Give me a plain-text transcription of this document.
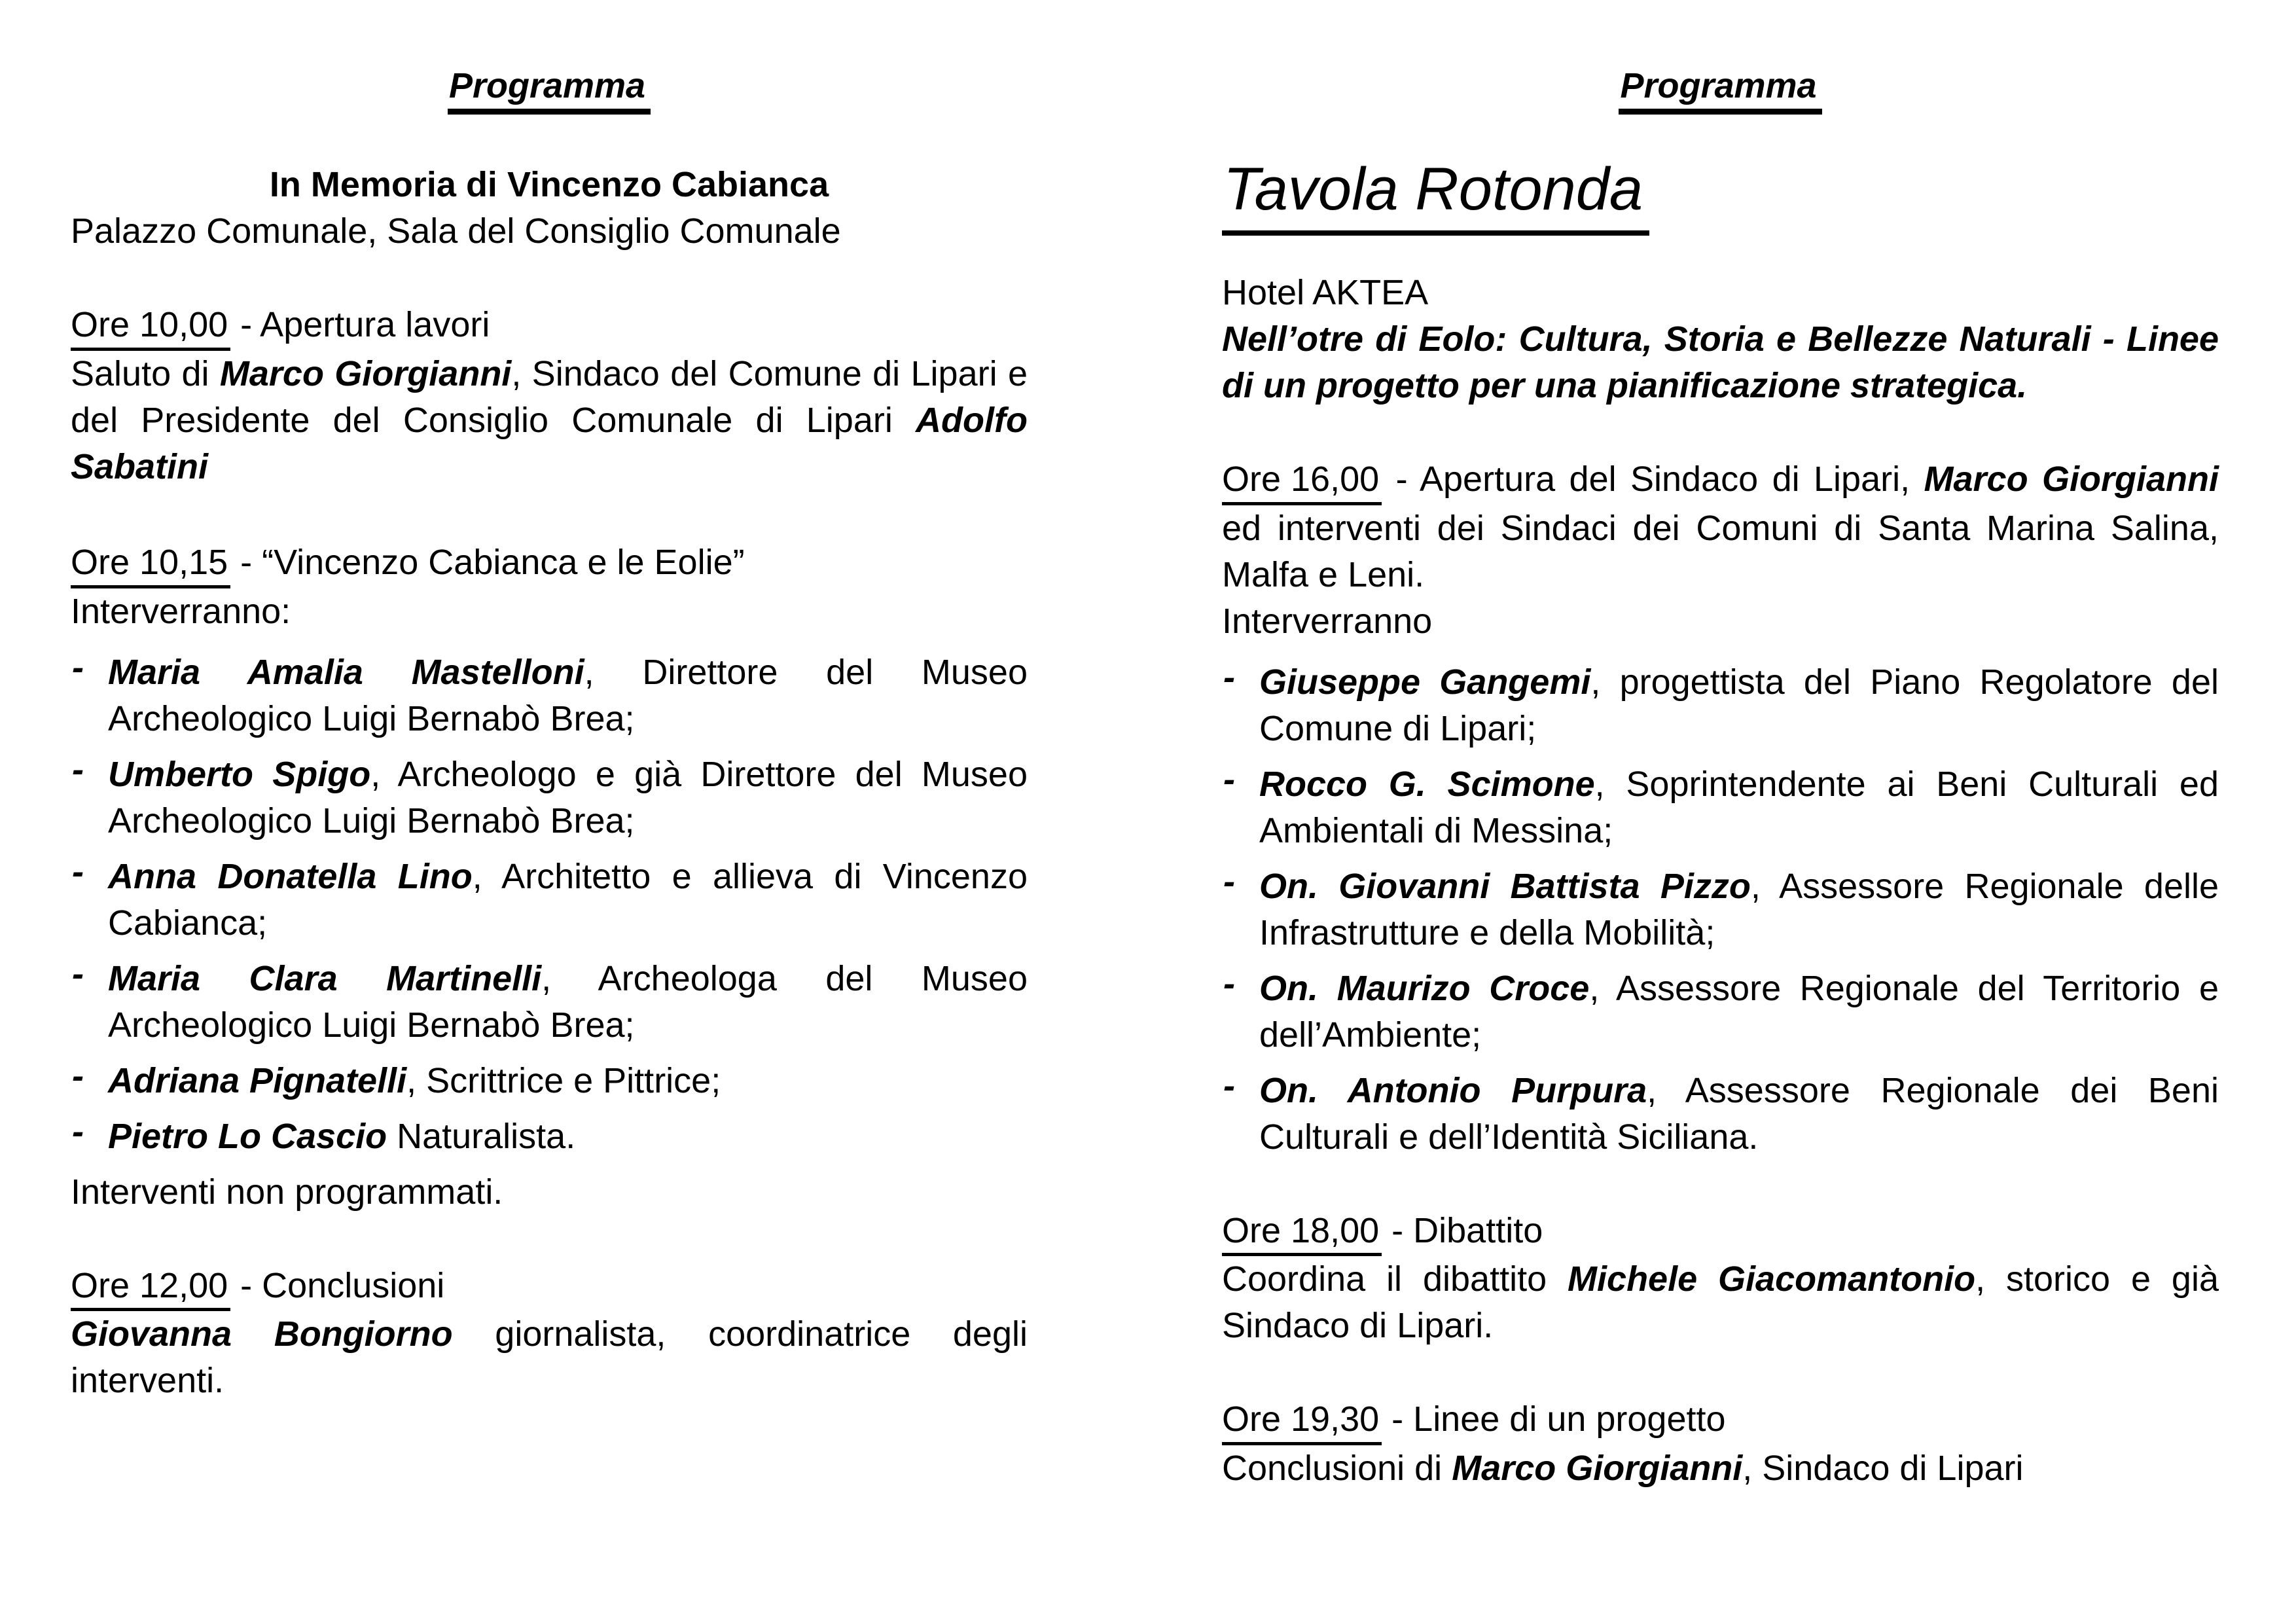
Programma

In Memoria di Vincenzo Cabianca

Palazzo Comunale, Sala del Consiglio Comunale

Ore 10,00 - Apertura lavori

Saluto di Marco Giorgianni, Sindaco del Comune di Lipari e del Presidente del Consiglio Comunale di Lipari Adolfo Sabatini

Ore 10,15 - “Vincenzo Cabianca e le Eolie”

Interverranno:

- Maria Amalia Mastelloni, Direttore del Museo Archeologico Luigi Bernabò Brea;
- Umberto Spigo, Archeologo e già Direttore del Museo Archeologico Luigi Bernabò Brea;
- Anna Donatella Lino, Architetto e allieva di Vincenzo Cabianca;
- Maria Clara Martinelli, Archeologa del Museo Archeologico Luigi Bernabò Brea;
- Adriana Pignatelli, Scrittrice e Pittrice;
- Pietro Lo Cascio Naturalista.

Interventi non programmati.

Ore 12,00 - Conclusioni

Giovanna Bongiorno giornalista, coordinatrice degli interventi.

Programma
Tavola Rotonda

Hotel AKTEA

Nell’otre di Eolo: Cultura, Storia e Bellezze Naturali - Linee di un progetto per una pianificazione strategica.

Ore 16,00 - Apertura del Sindaco di Lipari, Marco Giorgianni ed interventi dei Sindaci dei Comuni di Santa Marina Salina, Malfa e Leni.

Interverranno

- Giuseppe Gangemi, progettista del Piano Regolatore del Comune di Lipari;
- Rocco G. Scimone, Soprintendente ai Beni Culturali ed Ambientali di Messina;
- On. Giovanni Battista Pizzo, Assessore Regionale delle Infrastrutture e della Mobilità;
- On. Maurizo Croce, Assessore Regionale del Territorio e dell’Ambiente;
- On. Antonio Purpura, Assessore Regionale dei Beni Culturali e dell’Identità Siciliana.

Ore 18,00 - Dibattito

Coordina il dibattito Michele Giacomantonio, storico e già Sindaco di Lipari.

Ore 19,30 - Linee di un progetto

Conclusioni di Marco Giorgianni, Sindaco di Lipari
